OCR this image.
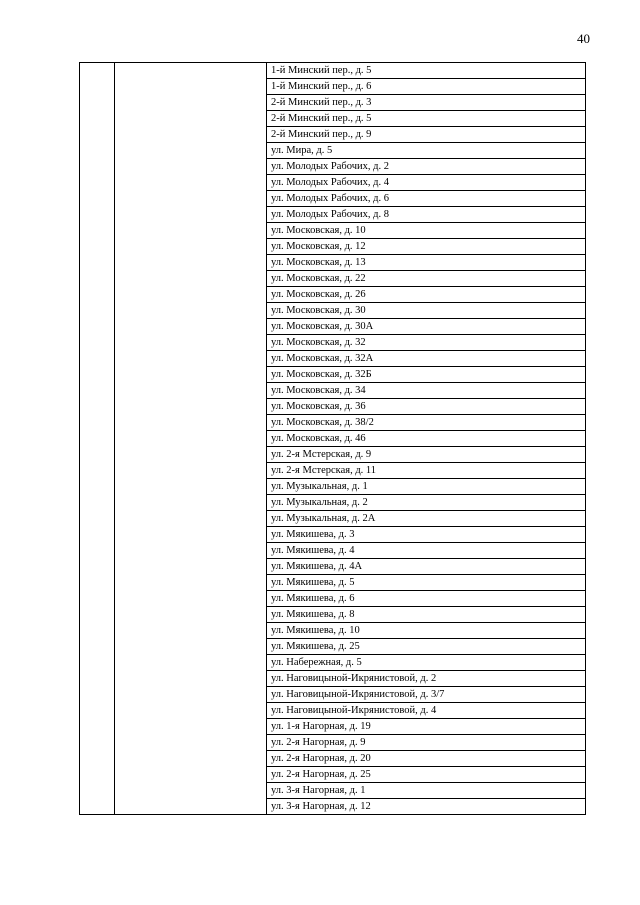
40
		1-й Минский пер., д. 5
1-й Минский пер., д. 6
2-й Минский пер., д. 3
2-й Минский пер., д. 5
2-й Минский пер., д. 9
ул. Мира, д. 5
ул. Молодых Рабочих, д. 2
ул. Молодых Рабочих, д. 4
ул. Молодых Рабочих, д. 6
ул. Молодых Рабочих, д. 8
ул. Московская, д. 10
ул. Московская, д. 12
ул. Московская, д. 13
ул. Московская, д. 22
ул. Московская, д. 26
ул. Московская, д. 30
ул. Московская, д. 30А
ул. Московская, д. 32
ул. Московская, д. 32А
ул. Московская, д. 32Б
ул. Московская, д. 34
ул. Московская, д. 36
ул. Московская, д. 38/2
ул. Московская, д. 46
ул. 2-я Мстерская, д. 9
ул. 2-я Мстерская, д. 11
ул. Музыкальная, д. 1
ул. Музыкальная, д. 2
ул. Музыкальная, д. 2А
ул. Мякишева, д. 3
ул. Мякишева, д. 4
ул. Мякишева, д. 4А
ул. Мякишева, д. 5
ул. Мякишева, д. 6
ул. Мякишева, д. 8
ул. Мякишева, д. 10
ул. Мякишева, д. 25
ул. Набережная, д. 5
ул. Наговицыной-Икрянистовой, д. 2
ул. Наговицыной-Икрянистовой, д. 3/7
ул. Наговицыной-Икрянистовой, д. 4
ул. 1-я Нагорная, д. 19
ул. 2-я Нагорная, д. 9
ул. 2-я Нагорная, д. 20
ул. 2-я Нагорная, д. 25
ул. 3-я Нагорная, д. 1
ул. 3-я Нагорная, д. 12
